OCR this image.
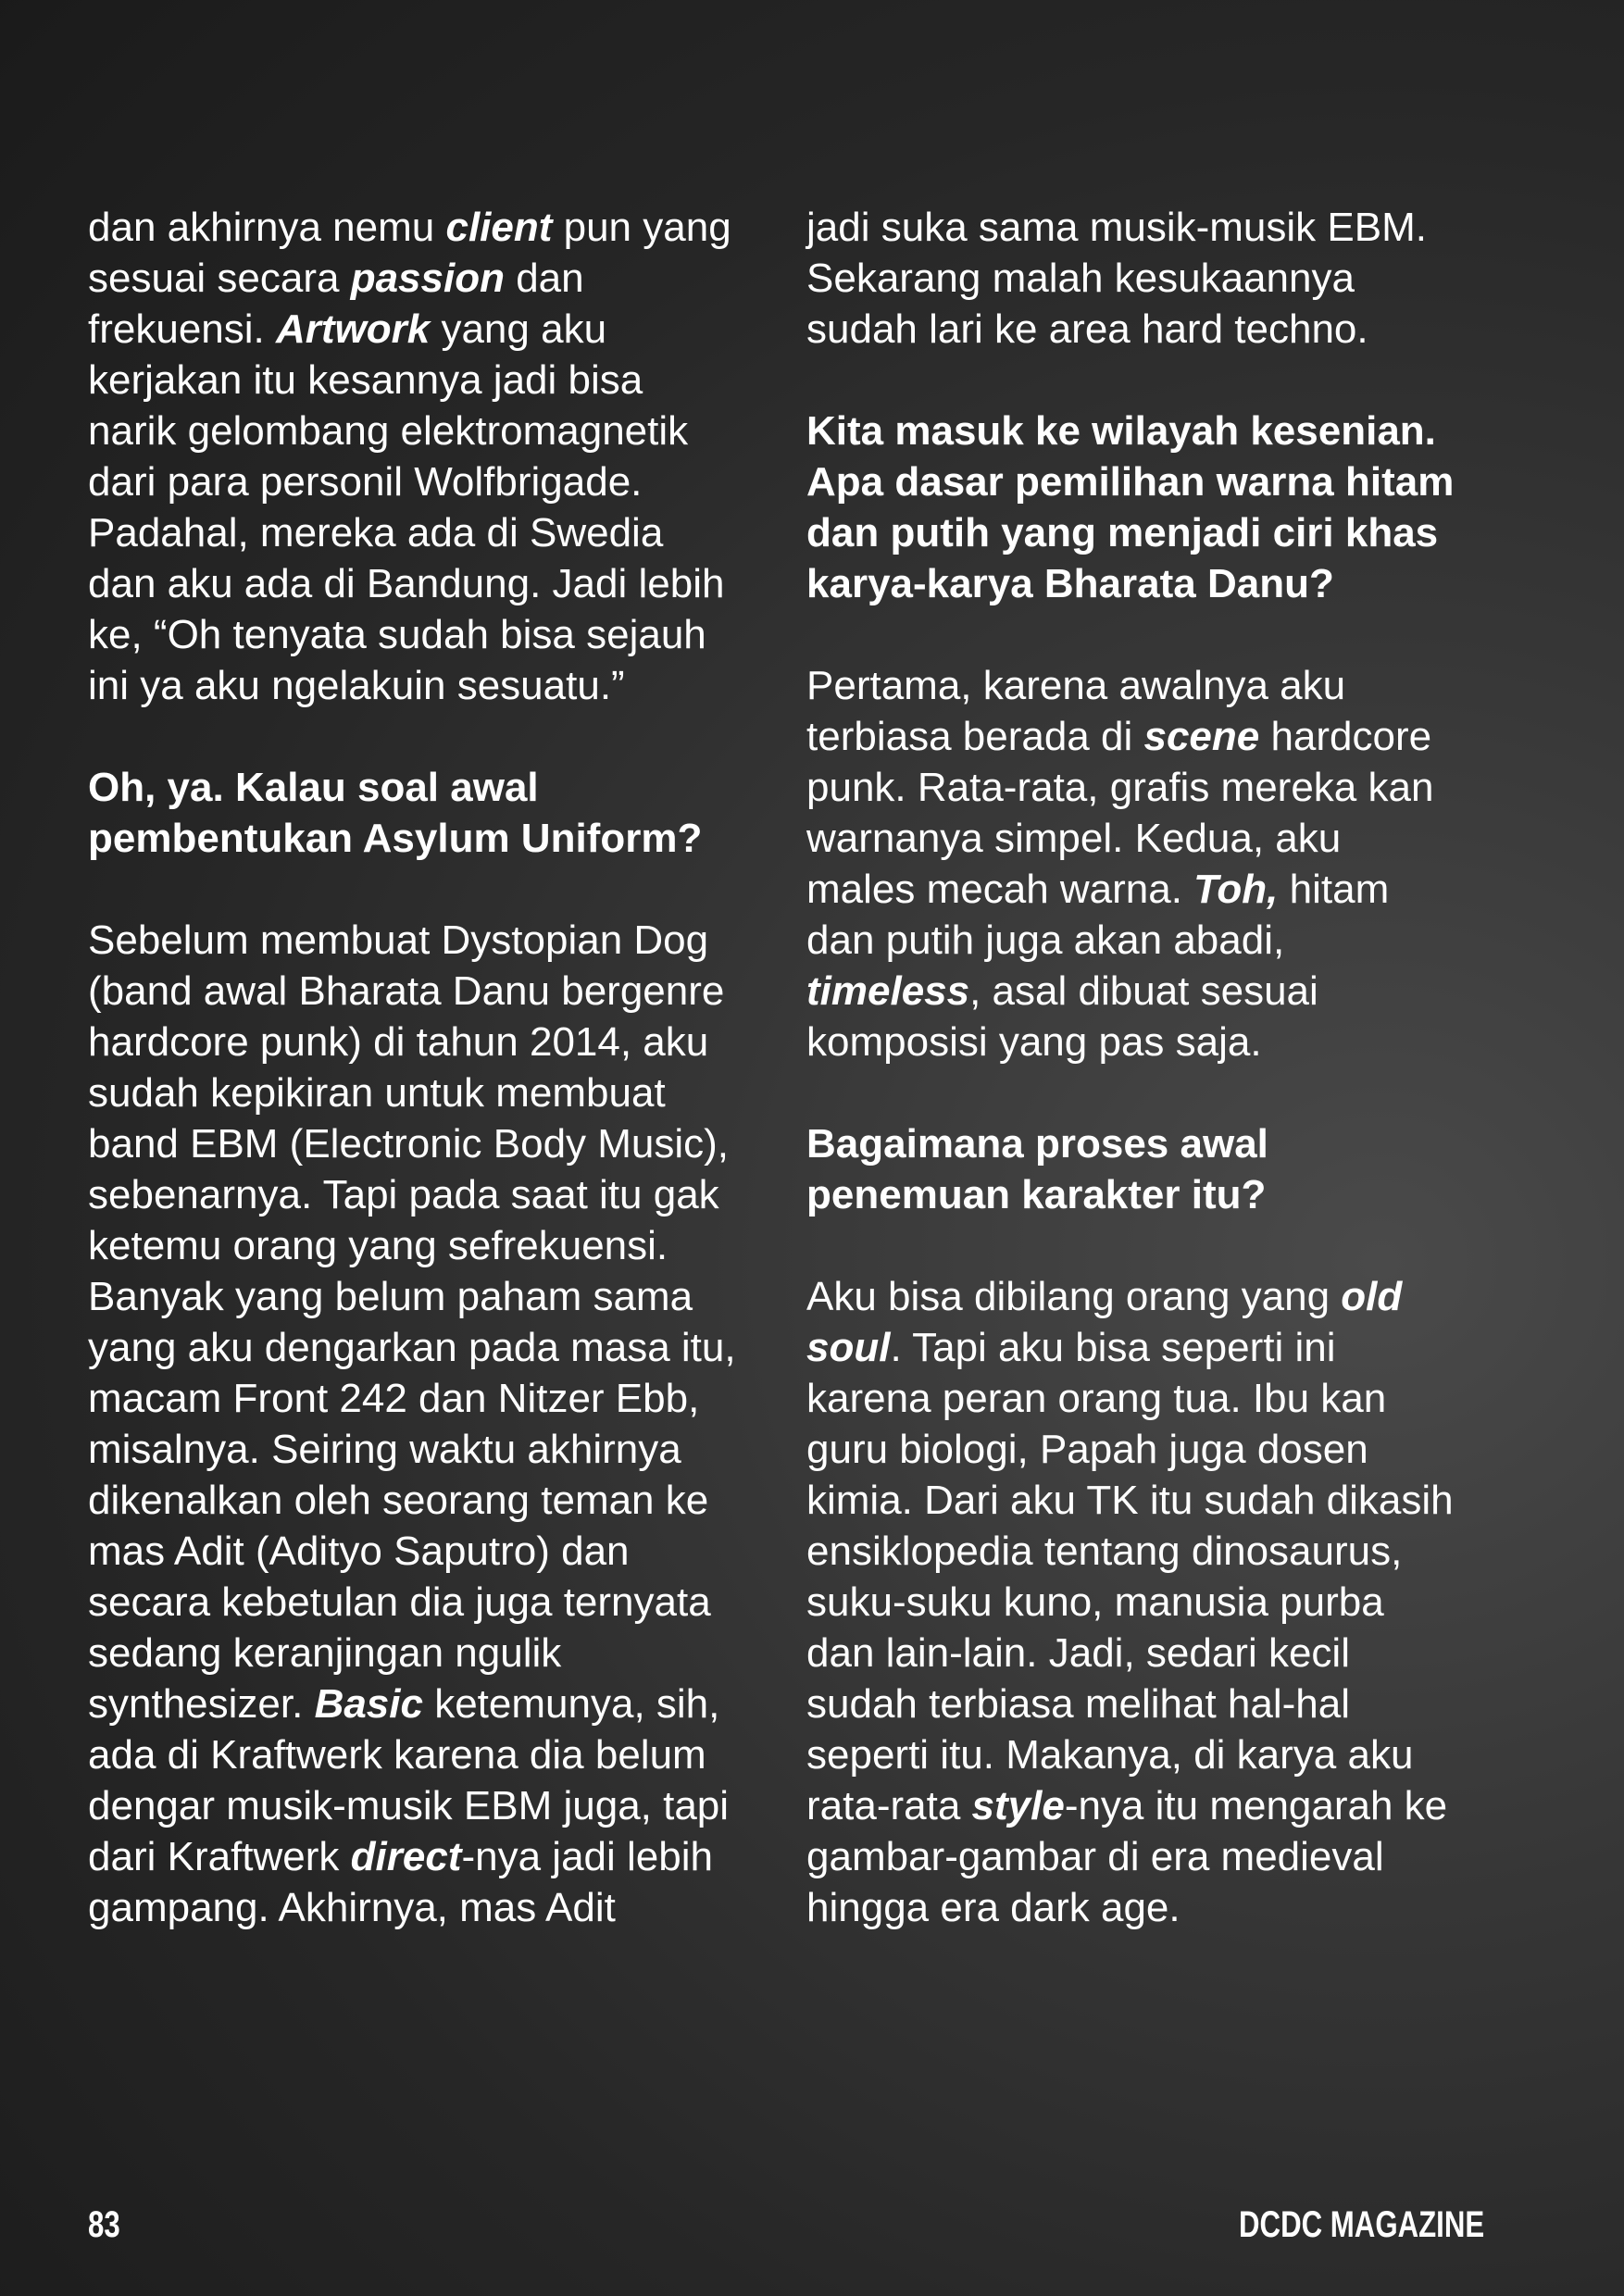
dan akhirnya nemu client pun yang sesuai secara passion dan frekuensi. Artwork yang aku kerjakan itu kesannya jadi bisa narik gelombang elektromagnetik dari para personil Wolfbrigade. Padahal, mereka ada di Swedia dan aku ada di Bandung. Jadi lebih ke, “Oh tenyata sudah bisa sejauh ini ya aku ngelakuin sesuatu.”

Oh, ya. Kalau soal awal pembentukan Asylum Uniform?

Sebelum membuat Dystopian Dog (band awal Bharata Danu bergenre hardcore punk) di tahun 2014, aku sudah kepikiran untuk membuat band EBM (Electronic Body Music), sebenarnya. Tapi pada saat itu gak ketemu orang yang sefrekuensi. Banyak yang belum paham sama yang aku dengarkan pada masa itu, macam Front 242 dan Nitzer Ebb, misalnya. Seiring waktu akhirnya dikenalkan oleh seorang teman ke mas Adit (Adityo Saputro) dan secara kebetulan dia juga ternyata sedang keranjingan ngulik synthesizer. Basic ketemunya, sih, ada di Kraftwerk karena dia belum dengar musik-musik EBM juga, tapi dari Kraftwerk direct-nya jadi lebih gampang. Akhirnya, mas Adit

jadi suka sama musik-musik EBM. Sekarang malah kesukaannya sudah lari ke area hard techno.

Kita masuk ke wilayah kesenian. Apa dasar pemilihan warna hitam dan putih yang menjadi ciri khas karya-karya Bharata Danu?

Pertama, karena awalnya aku terbiasa berada di scene hardcore punk. Rata-rata, grafis mereka kan warnanya simpel. Kedua, aku males mecah warna. Toh, hitam dan putih juga akan abadi, timeless, asal dibuat sesuai komposisi yang pas saja.

Bagaimana proses awal penemuan karakter itu?

Aku bisa dibilang orang yang old soul. Tapi aku bisa seperti ini karena peran orang tua. Ibu kan guru biologi, Papah juga dosen kimia. Dari aku TK itu sudah dikasih ensiklopedia tentang dinosaurus, suku-suku kuno, manusia purba dan lain-lain. Jadi, sedari kecil sudah terbiasa melihat hal-hal seperti itu. Makanya, di karya aku rata-rata style-nya itu mengarah ke gambar-gambar di era medieval hingga era dark age.

83	DCDC MAGAZINE
